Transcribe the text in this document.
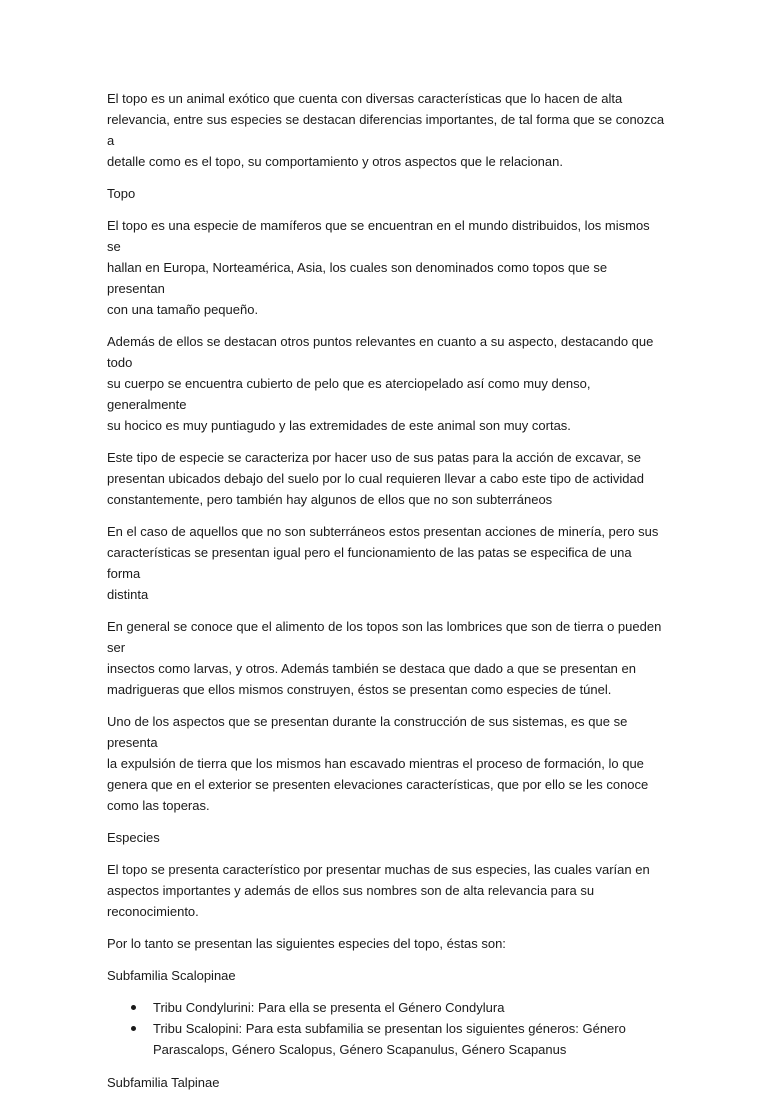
El topo es un animal exótico que cuenta con diversas características que lo hacen de alta
relevancia, entre sus especies se destacan diferencias importantes, de tal forma que se conozca a
detalle como es el topo, su comportamiento y otros aspectos que le relacionan.

Topo

El topo es una especie de mamíferos que se encuentran en el mundo distribuidos, los mismos se
hallan en Europa, Norteamérica, Asia, los cuales son denominados como topos que se presentan
con una tamaño pequeño.

Además de ellos se destacan otros puntos relevantes en cuanto a su aspecto, destacando que todo
su cuerpo se encuentra cubierto de pelo que es aterciopelado así como muy denso, generalmente
su hocico es muy puntiagudo y las extremidades de este animal son muy cortas.

Este tipo de especie se caracteriza por hacer uso de sus patas para la acción de excavar, se
presentan ubicados debajo del suelo por lo cual requieren llevar a cabo este tipo de actividad
constantemente, pero también hay algunos de ellos que no son subterráneos

En el caso de aquellos que no son subterráneos estos presentan acciones de minería, pero sus
características se presentan igual pero el funcionamiento de las patas se especifica de una forma
distinta

En general se conoce que el alimento de los topos son las lombrices que son de tierra o pueden ser
insectos como larvas, y otros. Además también se destaca que dado a que se presentan en
madrigueras que ellos mismos construyen, éstos se presentan como especies de túnel.

Uno de los aspectos que se presentan durante la construcción de sus sistemas, es que se presenta
la expulsión de tierra que los mismos han escavado mientras el proceso de formación, lo que
genera que en el exterior se presenten elevaciones características, que por ello se les conoce
como las toperas.

Especies

El topo se presenta característico por presentar muchas de sus especies, las cuales varían en
aspectos importantes y además de ellos sus nombres son de alta relevancia para su
reconocimiento.

Por lo tanto se presentan las siguientes especies del topo, éstas son:

Subfamilia Scalopinae

Tribu Condylurini: Para ella se presenta el Género Condylura
Tribu Scalopini: Para esta subfamilia se presentan los siguientes géneros: Género
Parascalops, Género Scalopus, Género Scapanulus, Género Scapanus

Subfamilia Talpinae
